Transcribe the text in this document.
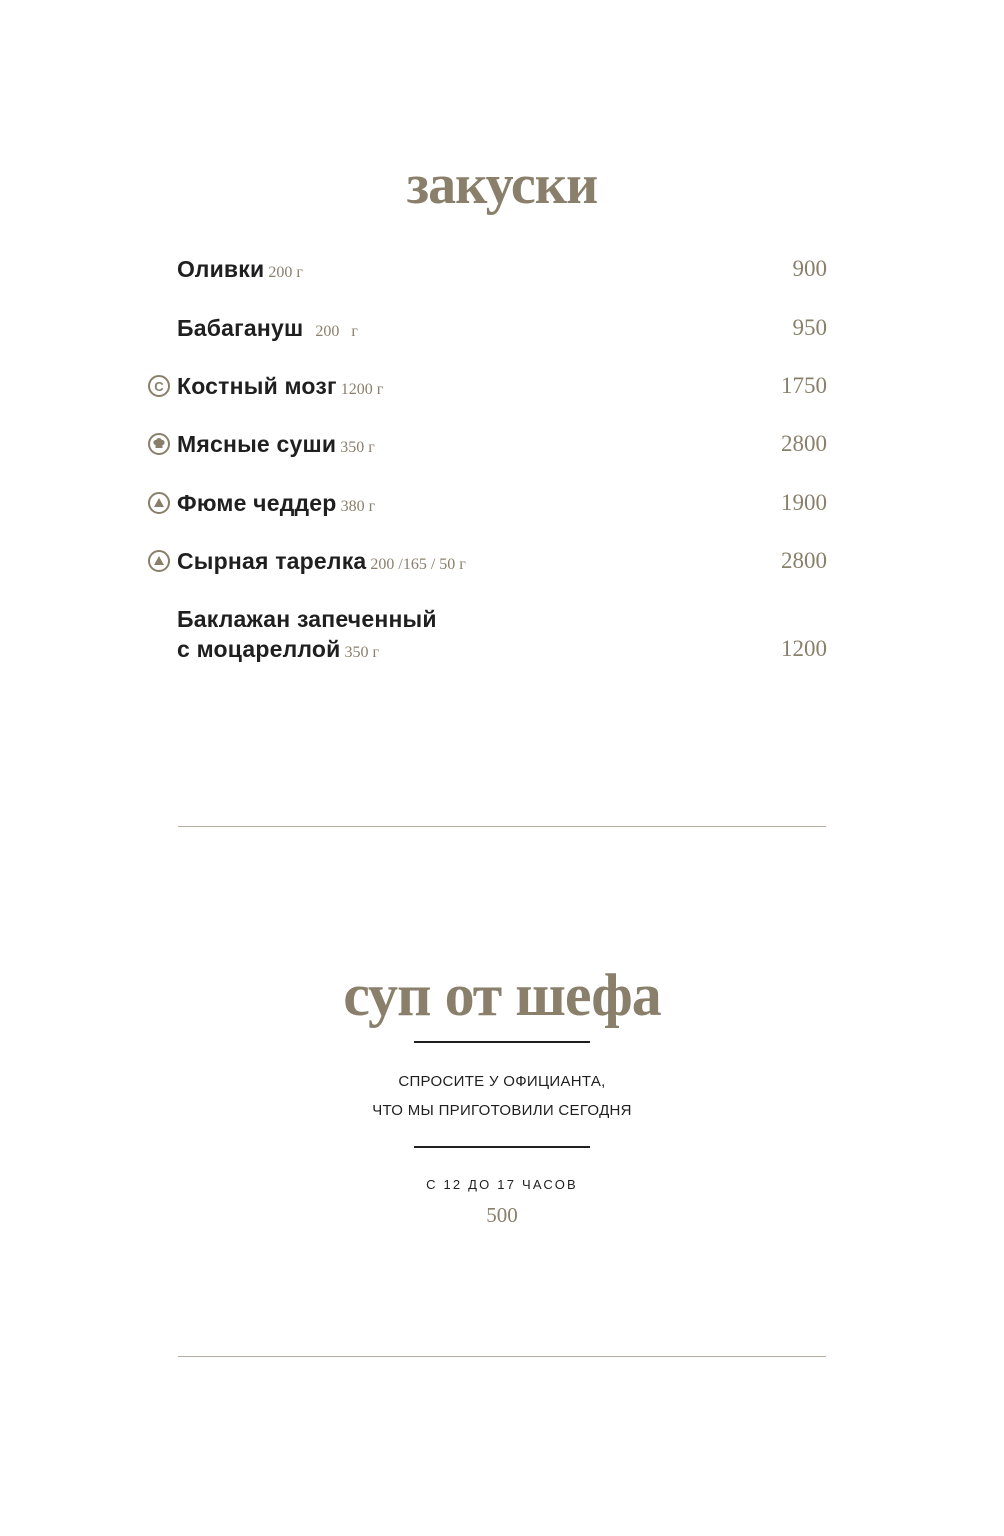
закуски
Оливки 200 г	900
Бабагануш 200   г	950
C Костный мозг 1200 г	1750
Мясные суши 350 г	2800
Фюме чеддер 380 г	1900
Сырная тарелка 200 /165 / 50 г	2800
Баклажан запеченный
с моцареллой 350 г	1200
суп от шефа
СПРОСИТЕ У ОФИЦИАНТА,
ЧТО МЫ ПРИГОТОВИЛИ СЕГОДНЯ
С 12 ДО 17 ЧАСОВ
500
